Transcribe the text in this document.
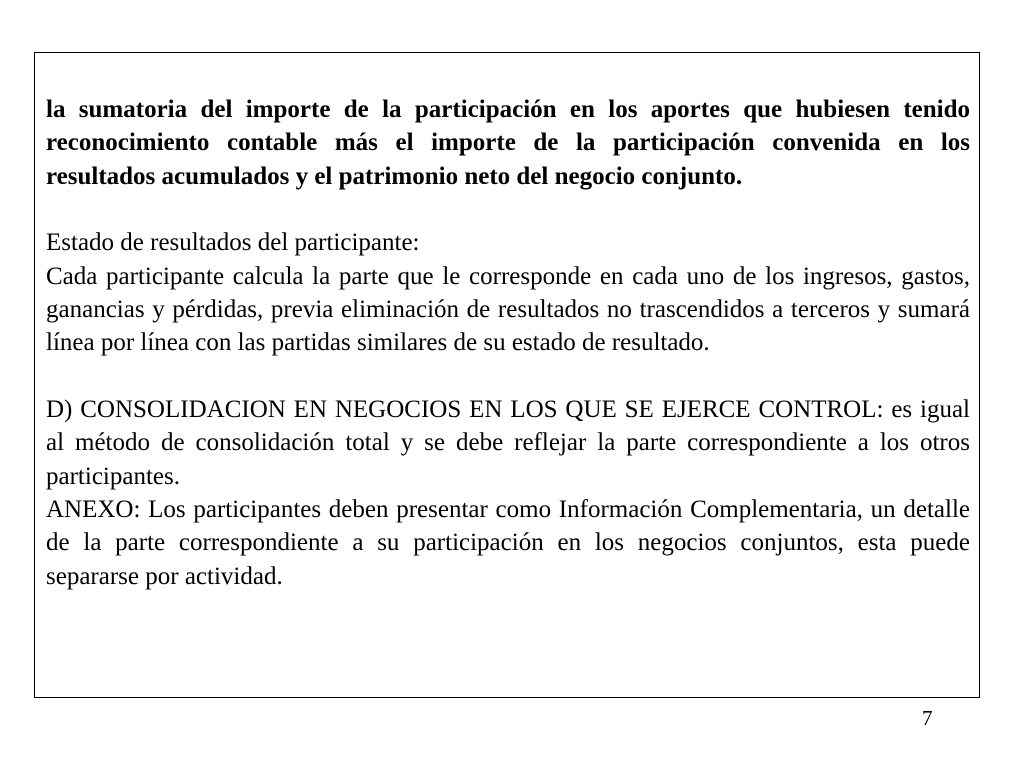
la sumatoria del importe de la participación en los aportes que hubiesen tenido reconocimiento contable más el importe de la participación convenida en los resultados acumulados y el patrimonio neto del negocio conjunto.

Estado de resultados del participante:

Cada participante calcula la parte que le corresponde en cada uno de los ingresos, gastos, ganancias y pérdidas, previa eliminación de resultados no trascendidos a terceros y sumará línea por línea con las partidas similares de su estado de resultado.

D) CONSOLIDACION EN NEGOCIOS EN LOS QUE SE EJERCE CONTROL: es igual al método de consolidación total y se debe reflejar la parte correspondiente a los otros participantes.

ANEXO: Los participantes deben presentar como Información Complementaria, un detalle de la parte correspondiente a su participación en los negocios conjuntos, esta puede separarse por actividad.

7
